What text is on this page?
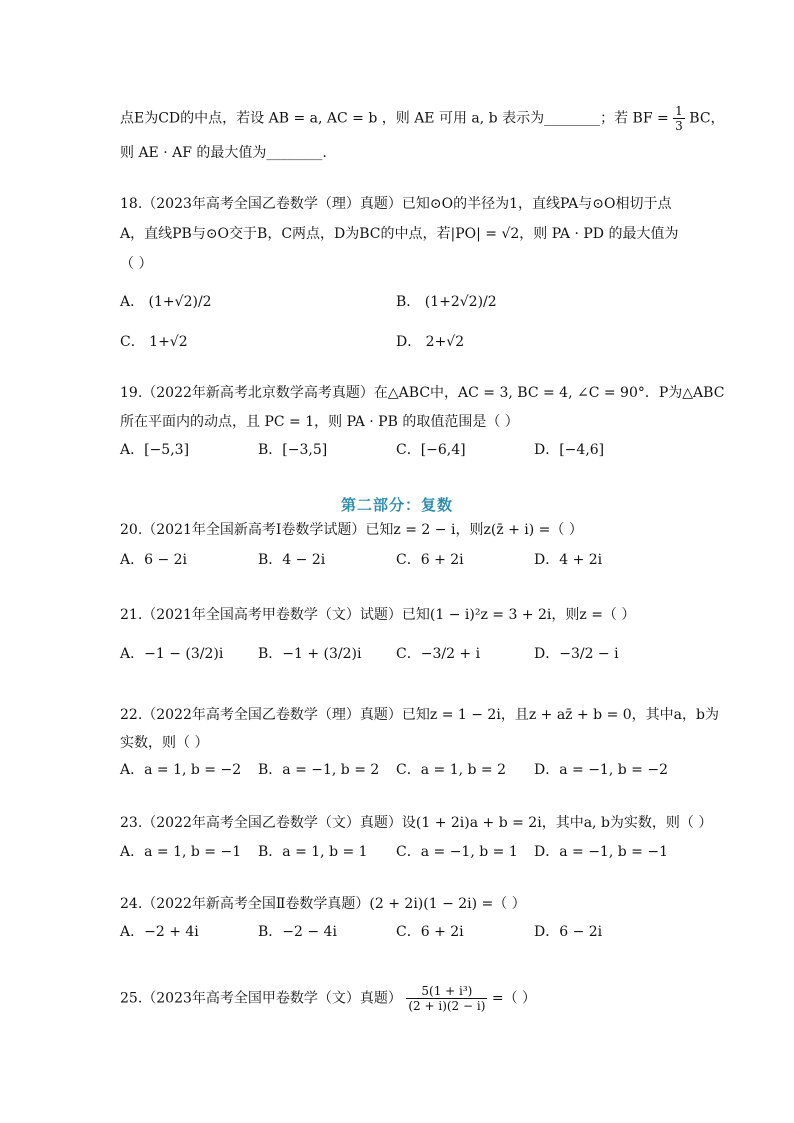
点E为CD的中点，若设 AB = a, AC = b ，则 AE 可用 a, b 表示为________；若 BF = $\frac{1}{3}$ BC，
则 AE · AF 的最大值为________.
18.（2023年高考全国乙卷数学（理）真题）已知⊙O的半径为1，直线PA与⊙O相切于点
A，直线PB与⊙O交于B，C两点，D为BC的中点，若|PO| = √2，则 PA · PD 的最大值为
（ ）
A． (1+√2)/2	B． (1+2√2)/2
C． 1+√2	D． 2+√2
19.（2022年新高考北京数学高考真题）在△ABC中，AC = 3, BC = 4, ∠C = 90°．P为△ABC
所在平面内的动点，且 PC = 1，则 PA · PB 的取值范围是（ ）
A．[−5,3]	B．[−3,5]	C．[−6,4]	D．[−4,6]
第二部分：复数
20.（2021年全国新高考Ⅰ卷数学试题）已知z = 2 − i，则z(z̄ + i) =（ ）
A．6 − 2i	B．4 − 2i	C．6 + 2i	D．4 + 2i
21.（2021年全国高考甲卷数学（文）试题）已知(1 − i)²z = 3 + 2i，则z =（ ）
A．−1 − (3/2)i B．−1 + (3/2)i C．−3/2 + i	D．−3/2 − i
22.（2022年高考全国乙卷数学（理）真题）已知z = 1 − 2i，且z + az̄ + b = 0，其中a，b为
实数，则（ ）
A．a = 1, b = −2 B．a = −1, b = 2 C．a = 1, b = 2 D．a = −1, b = −2
23.（2022年高考全国乙卷数学（文）真题）设(1 + 2i)a + b = 2i，其中a, b为实数，则（ ）
A．a = 1, b = −1 B．a = 1, b = 1 C．a = −1, b = 1 D．a = −1, b = −1
24.（2022年新高考全国Ⅱ卷数学真题）(2 + 2i)(1 − 2i) =（ ）
A．−2 + 4i	B．−2 − 4i	C．6 + 2i	D．6 − 2i
25.（2023年高考全国甲卷数学（文）真题） $\frac{\text{5(1 + i³)}}{(2 + i)(2 - i)}$ =（ ）
